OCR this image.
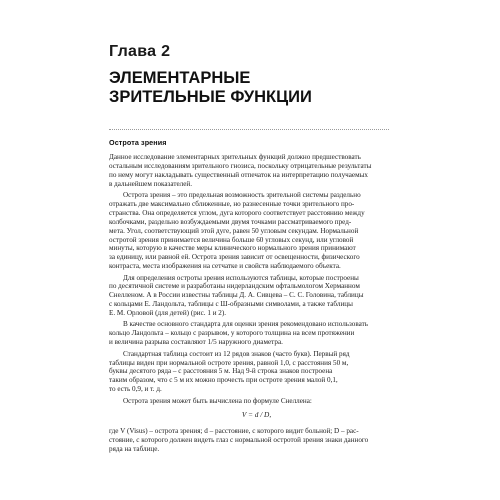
Глава 2
ЭЛЕМЕНТАРНЫЕ
ЗРИТЕЛЬНЫЕ ФУНКЦИИ
Острота зрения

Данное исследование элементарных зрительных функций должно предшествовать
остальным исследованиям зрительного гнозиса, поскольку отрицательные результаты
по нему могут накладывать существенный отпечаток на интерпретацию получаемых
в дальнейшем показателей.

Острота зрения – это предельная возможность зрительной системы раздельно
отражать две максимально сближенные, но разнесенные точки зрительного про-
странства. Она определяется углом, дуга которого соответствует расстоянию между
колбочками, раздельно возбуждаемыми двумя точками рассматриваемого пред-
мета. Угол, соответствующий этой дуге, равен 50 угловым секундам. Нормальной
остротой зрения принимается величина больше 60 угловых секунд, или угловой
минуты, которую в качестве меры клинического нормального зрения принимают
за единицу, или равной ей. Острота зрения зависит от освещенности, физического
контраста, места изображения на сетчатке и свойств наблюдаемого объекта.

Для определения остроты зрения используются таблицы, которые построены
по десятичной системе и разработаны нидерландским офтальмологом Херманном
Снелленом. А в России известны таблицы Д. А. Сивцева – С. С. Головина, таблицы
с кольцами Е. Ландольта, таблицы с Ш-образными символами, а также таблицы
Е. М. Орловой (для детей) (рис. 1 и 2).

В качестве основного стандарта для оценки зрения рекомендовано использовать
кольцо Ландольта – кольцо с разрывом, у которого толщина на всем протяжении
и величина разрыва составляют 1/5 наружного диаметра.

Стандартная таблица состоит из 12 рядов знаков (часто букв). Первый ряд
таблицы виден при нормальной остроте зрения, равной 1,0, с расстояния 50 м,
буквы десятого ряда – с расстояния 5 м. Над 9-й строка знаков построена
таким образом, что с 5 м их можно прочесть при остроте зрения малой 0,1,
то есть 0,9, и т. д.

Острота зрения может быть вычислена по формуле Снеллена:

V = d / D,

где V (Visus) – острота зрения; d – расстояние, с которого видит больной; D – рас-
стояние, с которого должен видеть глаз с нормальной остротой зрения знаки данного
ряда на таблице.
